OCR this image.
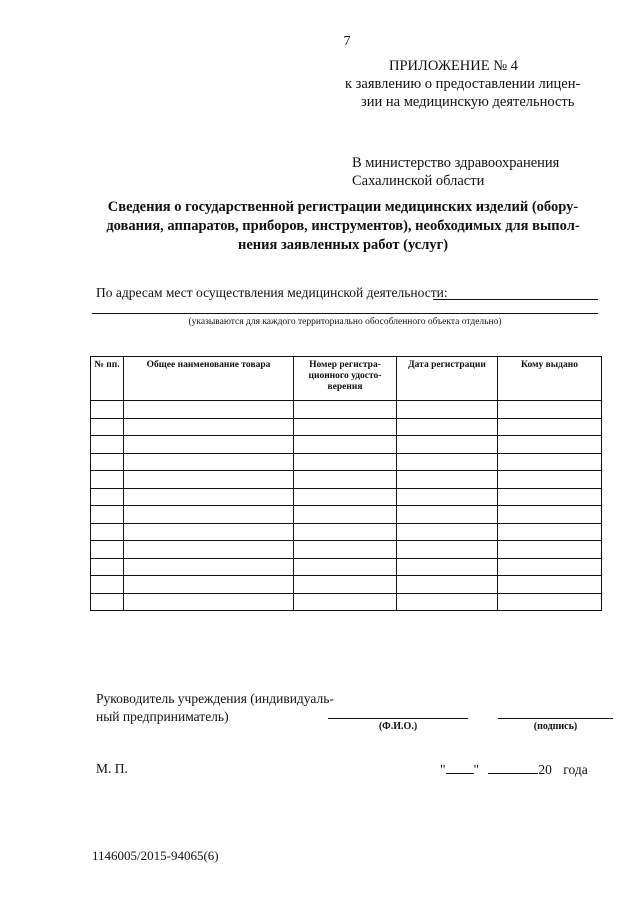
7
ПРИЛОЖЕНИЕ № 4
к заявлению о предоставлении лицен-
зии на медицинскую деятельность
В министерство здравоохранения
Сахалинской области
Сведения о государственной регистрации медицинских изделий (обору-
дования, аппаратов, приборов, инструментов), необходимых для выпол-
нения заявленных работ (услуг)
По адресам мест осуществления медицинской деятельности:
(указываются для каждого территориально обособленного объекта отдельно)
№ пп.	Общее наименование товара	Номер регистра- ционного удосто- верения	Дата регистрации	Кому выдано

Руководитель учреждения (индивидуаль-
ный предприниматель)
(Ф.И.О.)	(подпись)
М. П.	" "	20 года
1146005/2015-94065(6)
